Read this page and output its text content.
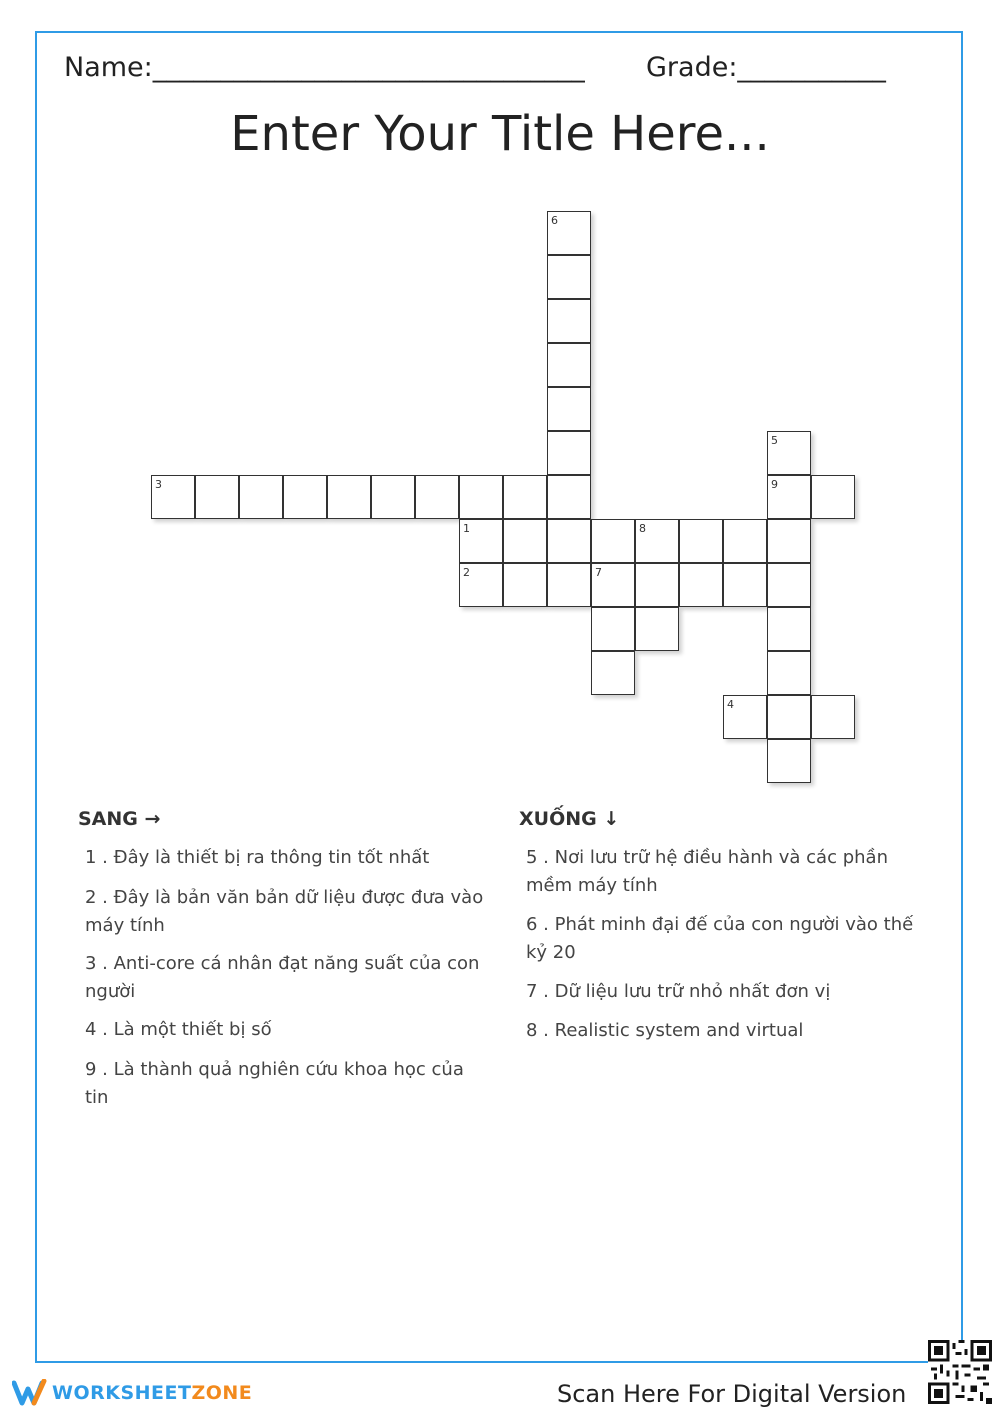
Name:________________________________ Grade:___________
Enter Your Title Here...
6
5
3	9
1	8
2	7
4
SANG →	XUỐNG ↓
1 . Đây là thiết bị ra thông tin tốt nhất
2 . Đây là bản văn bản dữ liệu được đưa vào máy tính
3 . Anti-core cá nhân đạt năng suất của con người
4 . Là một thiết bị số
9 . Là thành quả nghiên cứu khoa học của tin
5 . Nơi lưu trữ hệ điều hành và các phần mềm máy tính
6 . Phát minh đại đế của con người vào thế kỷ 20
7 . Dữ liệu lưu trữ nhỏ nhất đơn vị
8 . Realistic system and virtual
WORKSHEET ZONE	Scan Here For Digital Version
